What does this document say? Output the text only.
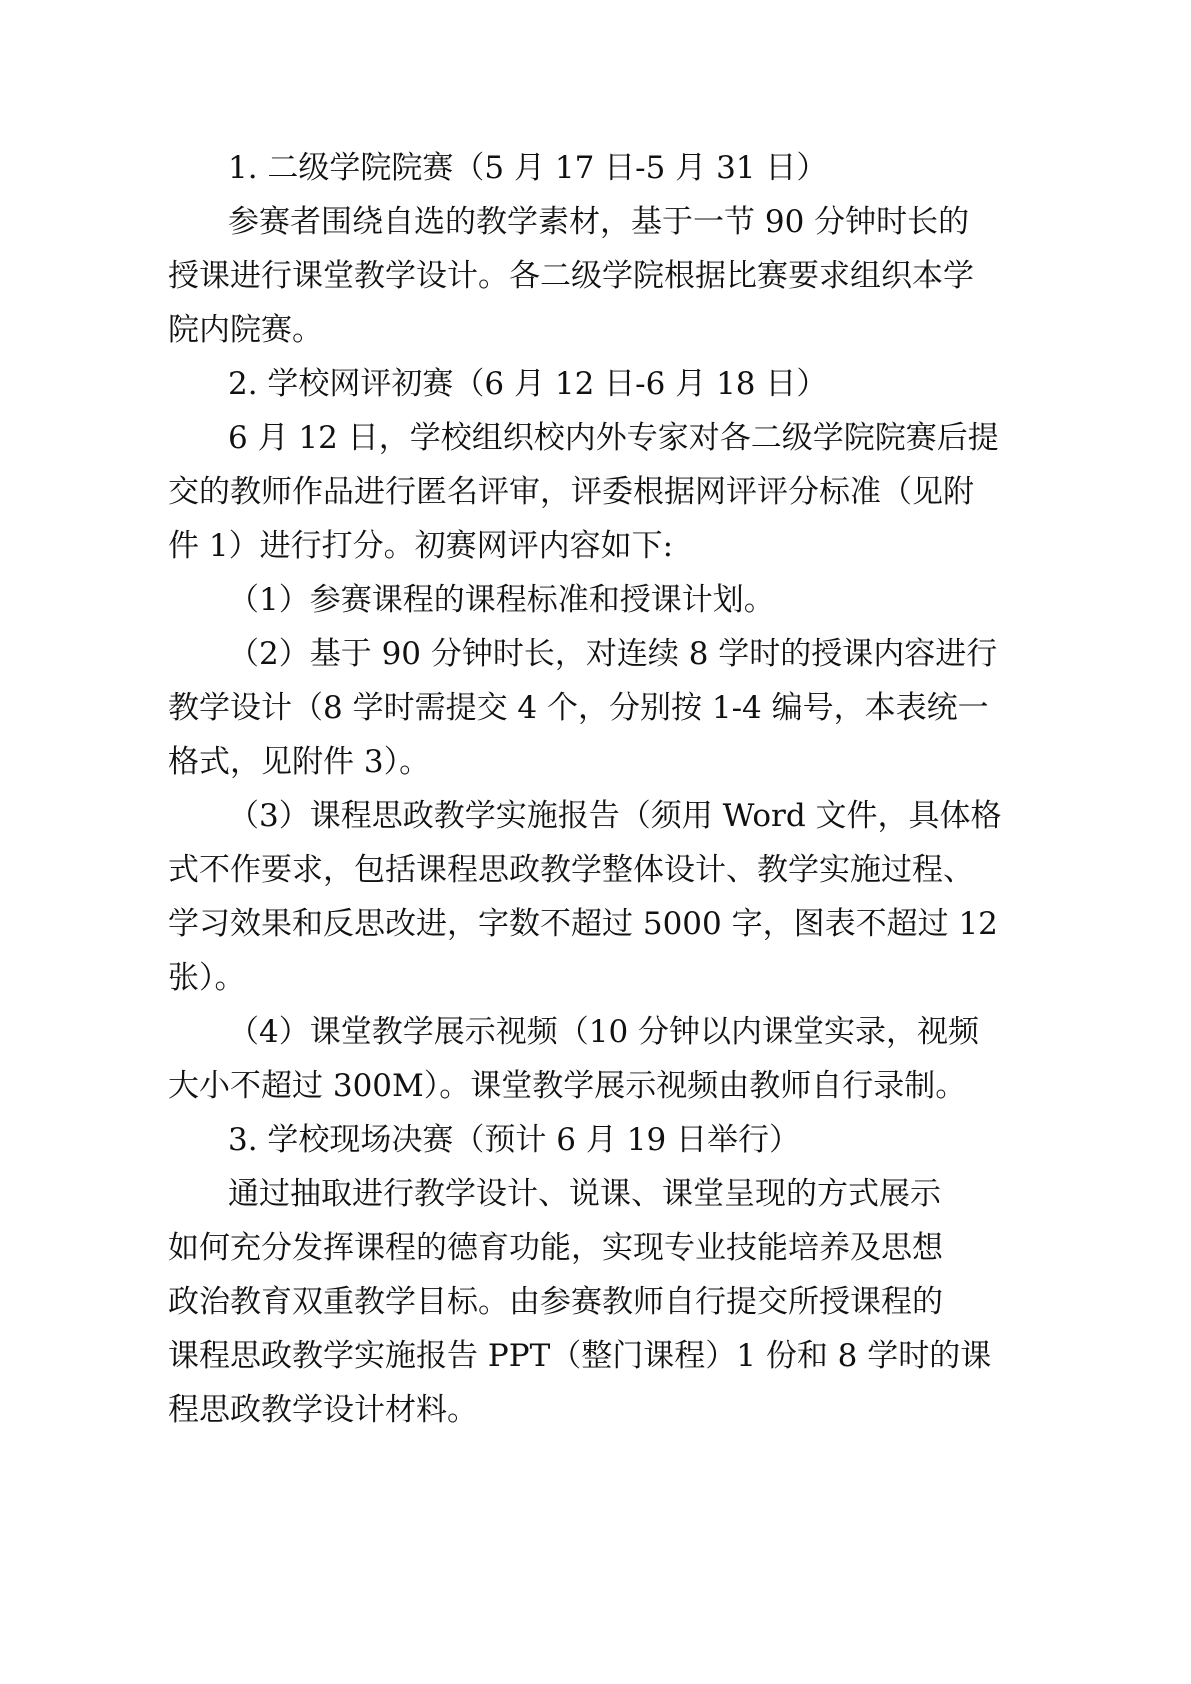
1. 二级学院院赛（5 月 17 日-5 月 31 日）
参赛者围绕自选的教学素材，基于一节 90 分钟时长的
授课进行课堂教学设计。各二级学院根据比赛要求组织本学
院内院赛。
2. 学校网评初赛（6 月 12 日-6 月 18 日）
6 月 12 日，学校组织校内外专家对各二级学院院赛后提
交的教师作品进行匿名评审，评委根据网评评分标准（见附
件 1）进行打分。初赛网评内容如下:
（1）参赛课程的课程标准和授课计划。
（2）基于 90 分钟时长，对连续 8 学时的授课内容进行
教学设计（8 学时需提交 4 个，分别按 1-4 编号，本表统一
格式，见附件 3）。
（3）课程思政教学实施报告（须用 Word 文件，具体格
式不作要求，包括课程思政教学整体设计、教学实施过程、
学习效果和反思改进，字数不超过 5000 字，图表不超过 12
张）。
（4）课堂教学展示视频（10 分钟以内课堂实录，视频
大小不超过 300M）。课堂教学展示视频由教师自行录制。
3. 学校现场决赛（预计 6 月 19 日举行）
通过抽取进行教学设计、说课、课堂呈现的方式展示
如何充分发挥课程的德育功能，实现专业技能培养及思想
政治教育双重教学目标。由参赛教师自行提交所授课程的
课程思政教学实施报告 PPT（整门课程）1 份和 8 学时的课
程思政教学设计材料。
